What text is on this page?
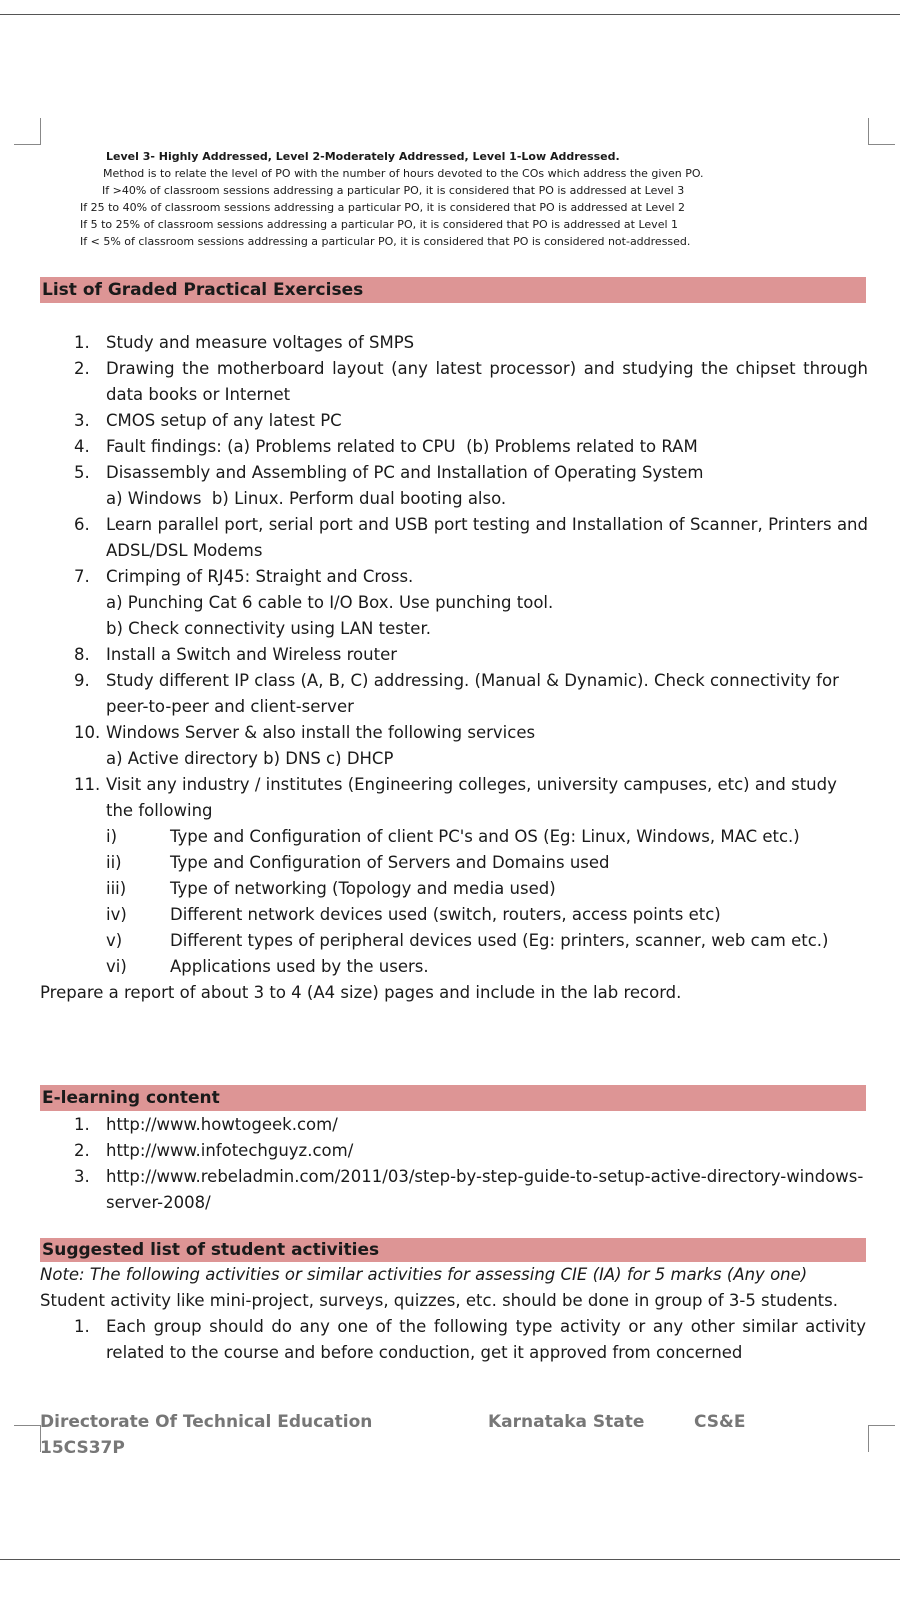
Level 3- Highly Addressed, Level 2-Moderately Addressed, Level 1-Low Addressed.
Method is to relate the level of PO with the number of hours devoted to the COs which address the given PO.
If >40% of classroom sessions addressing a particular PO, it is considered that PO is addressed at Level 3
If 25 to 40% of classroom sessions addressing a particular PO, it is considered that PO is addressed at Level 2
If 5 to 25% of classroom sessions addressing a particular PO, it is considered that PO is addressed at Level 1
If < 5% of classroom sessions addressing a particular PO, it is considered that PO is considered not-addressed.
List of Graded Practical Exercises
1. Study and measure voltages of SMPS
2. Drawing the motherboard layout (any latest processor) and studying the chipset through data books or Internet
3. CMOS setup of any latest PC
4. Fault findings: (a) Problems related to CPU  (b) Problems related to RAM
5. Disassembly and Assembling of PC and Installation of Operating System
a) Windows  b) Linux. Perform dual booting also.
6. Learn parallel port, serial port and USB port testing and Installation of Scanner, Printers and ADSL/DSL Modems
7. Crimping of RJ45: Straight and Cross.
a) Punching Cat 6 cable to I/O Box. Use punching tool.
b) Check connectivity using LAN tester.
8. Install a Switch and Wireless router
9. Study different IP class (A, B, C) addressing. (Manual & Dynamic). Check connectivity for peer-to-peer and client-server
10. Windows Server & also install the following services
a) Active directory b) DNS c) DHCP
11. Visit any industry / institutes (Engineering colleges, university campuses, etc) and study the following
i)	Type and Configuration of client PC's and OS (Eg: Linux, Windows, MAC etc.)
ii)	Type and Configuration of Servers and Domains used
iii)	Type of networking (Topology and media used)
iv)	Different network devices used (switch, routers, access points etc)
v)	Different types of peripheral devices used (Eg: printers, scanner, web cam etc.)
vi)	Applications used by the users.
Prepare a report of about 3 to 4 (A4 size) pages and include in the lab record.
E-learning content
1. http://www.howtogeek.com/
2. http://www.infotechguyz.com/
3. http://www.rebeladmin.com/2011/03/step-by-step-guide-to-setup-active-directory-windows-server-2008/
Suggested list of student activities
Note: The following activities or similar activities for assessing CIE (IA) for 5 marks (Any one)
Student activity like mini-project, surveys, quizzes, etc. should be done in group of 3-5 students.
1. Each group should do any one of the following type activity or any other similar activity related to the course and before conduction, get it approved from concerned
Directorate Of Technical Education	Karnataka State	CS&E
15CS37P
